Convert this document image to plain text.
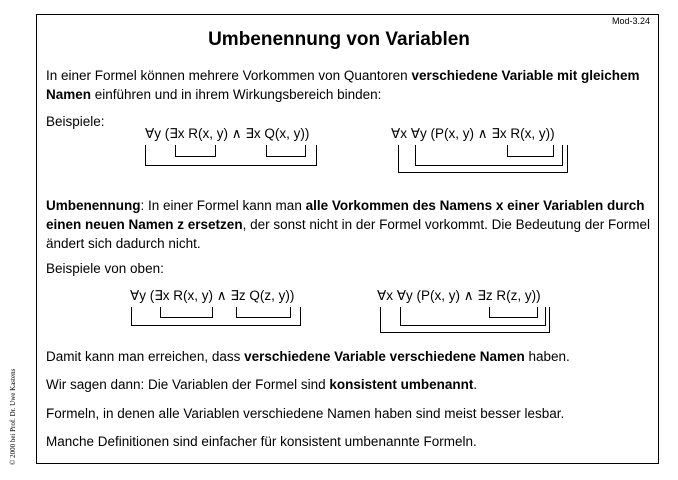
Mod-3.24
© 2000 bei Prof. Dr. Uwe Kastens
Umbenennung von Variablen
In einer Formel können mehrere Vorkommen von Quantoren verschiedene Variable mit gleichem Namen einführen und in ihrem Wirkungsbereich binden:
Beispiele:
∀y (∃x R(x, y) ∧ ∃x Q(x, y))	∀x ∀y (P(x, y) ∧ ∃x R(x, y))
Umbenennung: In einer Formel kann man alle Vorkommen des Namens x einer Variablen durch einen neuen Namen z ersetzen, der sonst nicht in der Formel vorkommt. Die Bedeutung der Formel ändert sich dadurch nicht.
Beispiele von oben:
∀y (∃x R(x, y) ∧ ∃z Q(z, y))	∀x ∀y (P(x, y) ∧ ∃z R(z, y))
Damit kann man erreichen, dass verschiedene Variable verschiedene Namen haben.
Wir sagen dann: Die Variablen der Formel sind konsistent umbenannt.
Formeln, in denen alle Variablen verschiedene Namen haben sind meist besser lesbar.
Manche Definitionen sind einfacher für konsistent umbenannte Formeln.
